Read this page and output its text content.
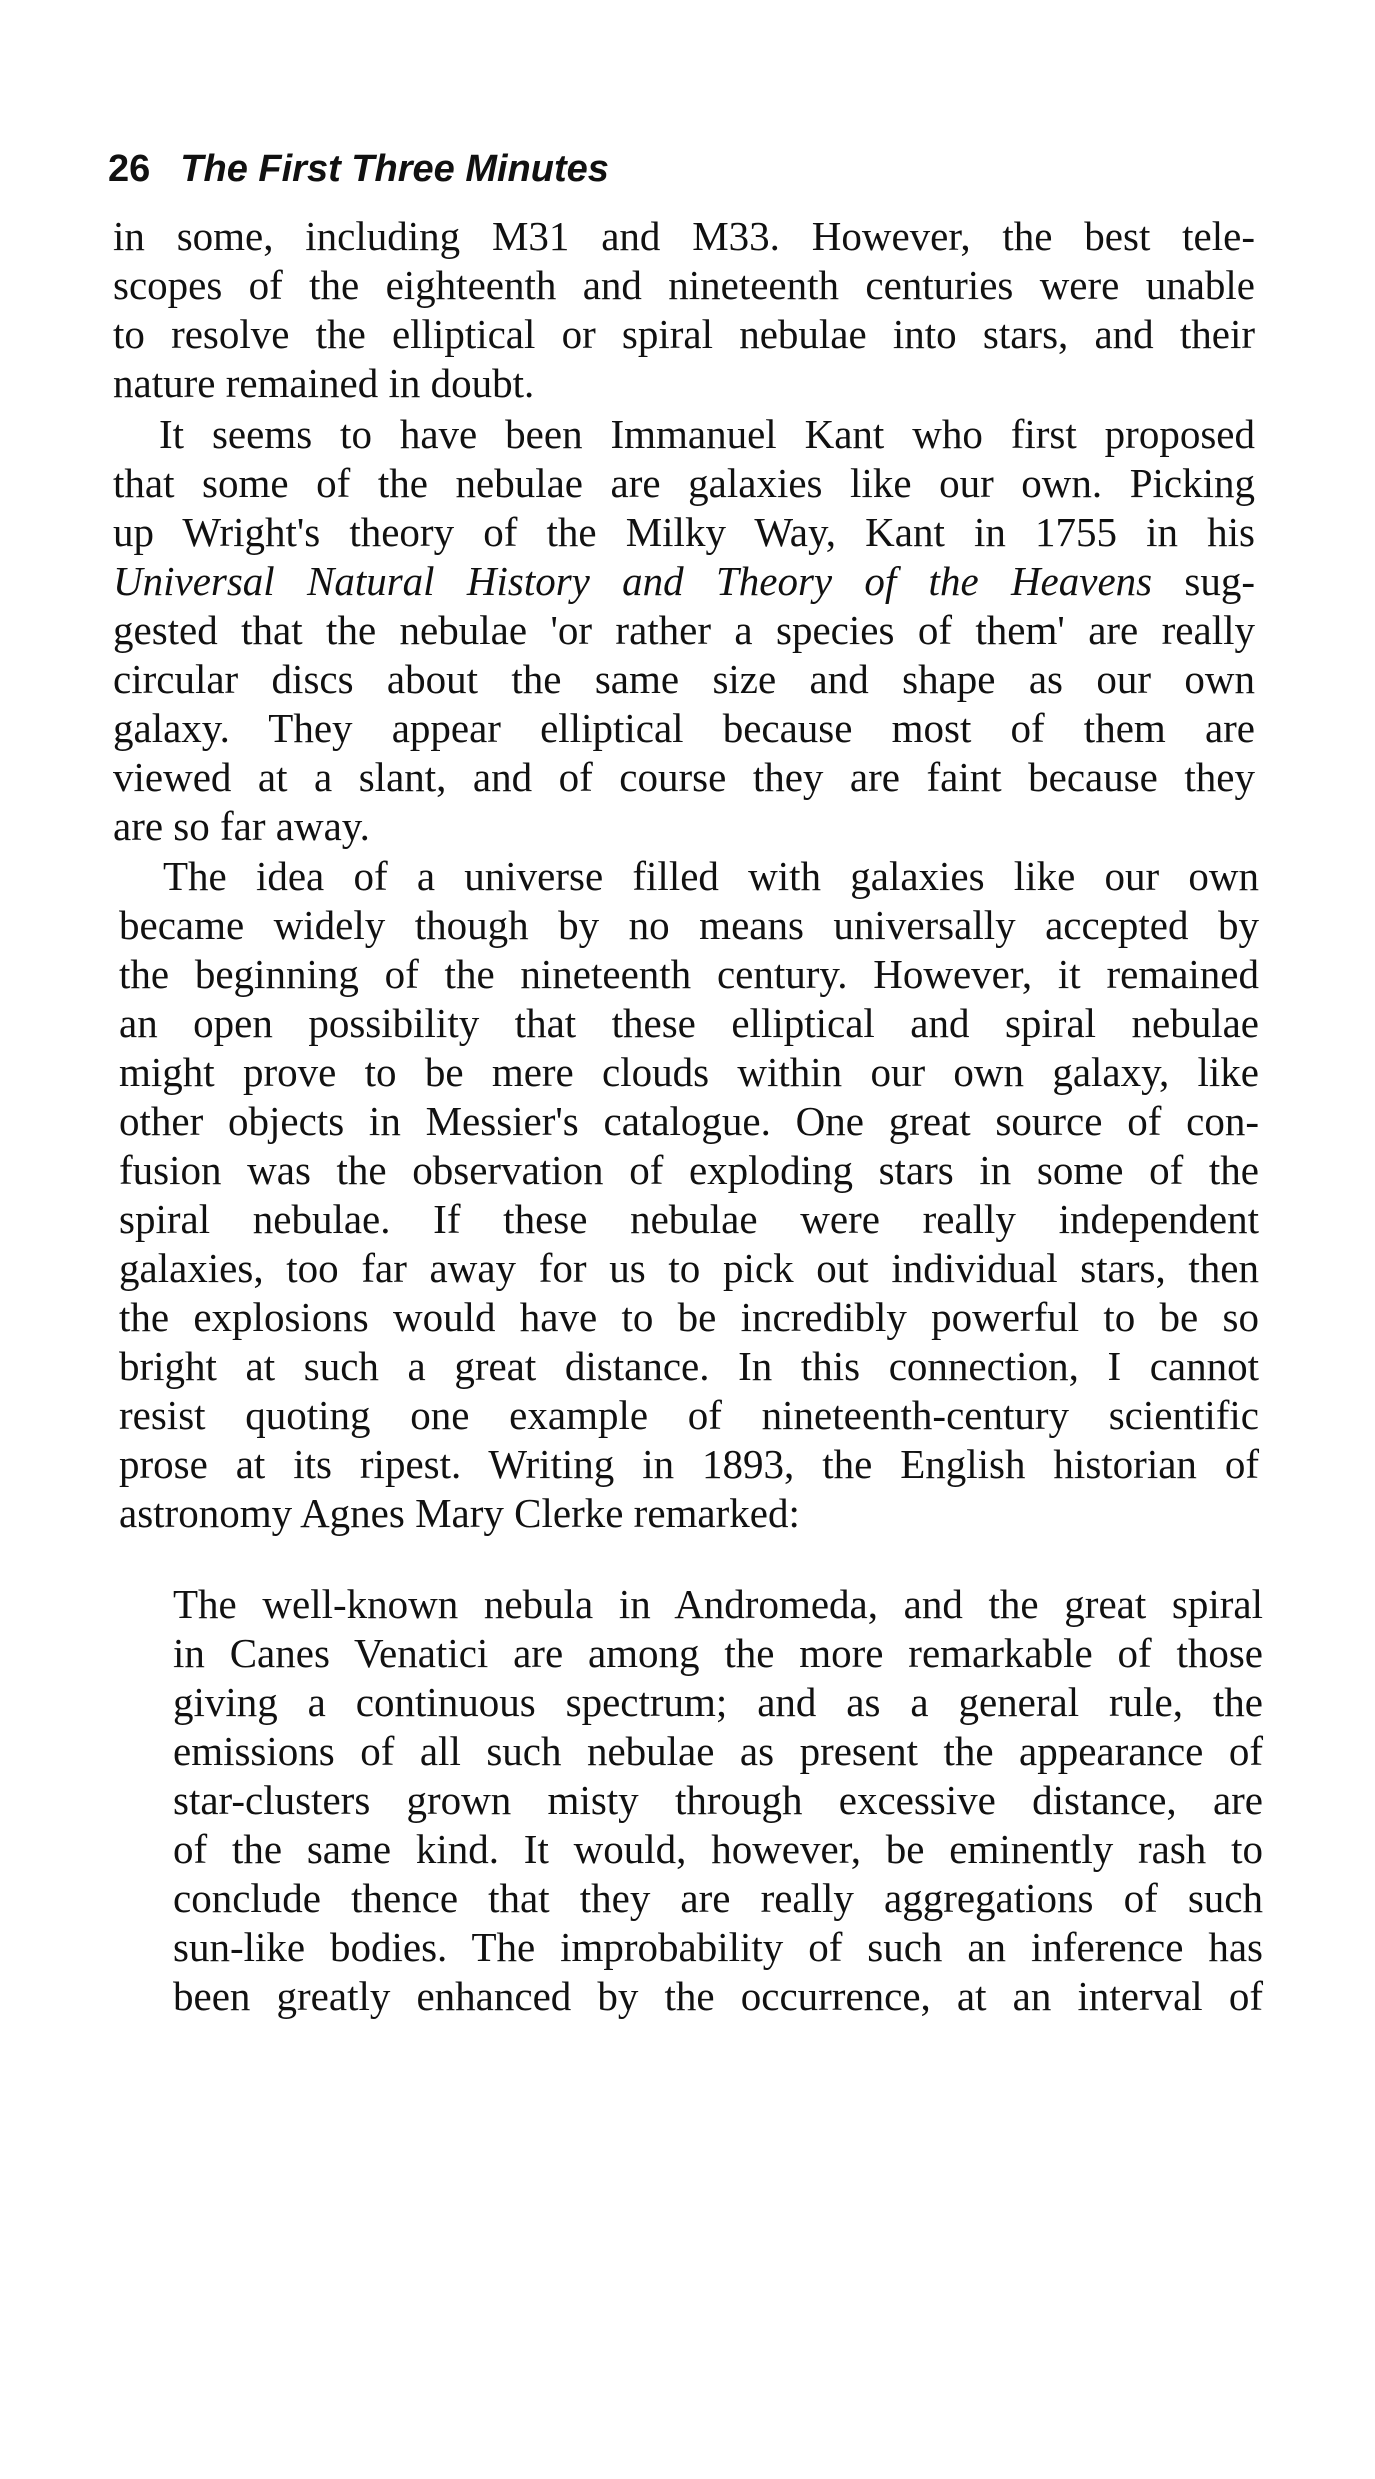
26 The First Three Minutes
in some, including M31 and M33. However, the best tele-
scopes of the eighteenth and nineteenth centuries were unable
to resolve the elliptical or spiral nebulae into stars, and their
nature remained in doubt.
It seems to have been Immanuel Kant who first proposed
that some of the nebulae are galaxies like our own. Picking
up Wright's theory of the Milky Way, Kant in 1755 in his
Universal Natural History and Theory of the Heavens sug-
gested that the nebulae 'or rather a species of them' are really
circular discs about the same size and shape as our own
galaxy. They appear elliptical because most of them are
viewed at a slant, and of course they are faint because they
are so far away.
The idea of a universe filled with galaxies like our own
became widely though by no means universally accepted by
the beginning of the nineteenth century. However, it remained
an open possibility that these elliptical and spiral nebulae
might prove to be mere clouds within our own galaxy, like
other objects in Messier's catalogue. One great source of con-
fusion was the observation of exploding stars in some of the
spiral nebulae. If these nebulae were really independent
galaxies, too far away for us to pick out individual stars, then
the explosions would have to be incredibly powerful to be so
bright at such a great distance. In this connection, I cannot
resist quoting one example of nineteenth-century scientific
prose at its ripest. Writing in 1893, the English historian of
astronomy Agnes Mary Clerke remarked:
The well-known nebula in Andromeda, and the great spiral
in Canes Venatici are among the more remarkable of those
giving a continuous spectrum; and as a general rule, the
emissions of all such nebulae as present the appearance of
star-clusters grown misty through excessive distance, are
of the same kind. It would, however, be eminently rash to
conclude thence that they are really aggregations of such
sun-like bodies. The improbability of such an inference has
been greatly enhanced by the occurrence, at an interval of
